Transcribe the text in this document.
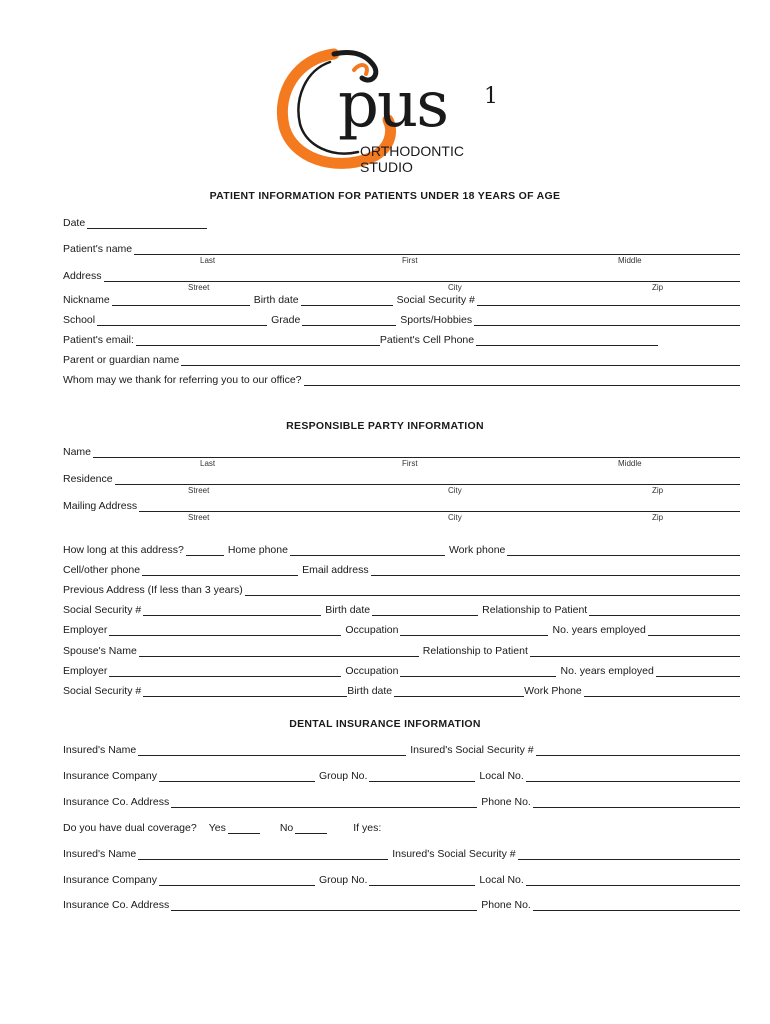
pus 1
ORTHODONTIC
STUDIO
PATIENT INFORMATION FOR PATIENTS UNDER 18 YEARS OF AGE
Date
Patient's name
Last	First	Middle
Address
Street	City	Zip
Nickname	Birth date	Social Security #
School	Grade	Sports/Hobbies
Patient's email:	Patient's Cell Phone
Parent or guardian name
Whom may we thank for referring you to our office?
RESPONSIBLE PARTY INFORMATION
Name
Last	First	Middle
Residence
Street	City	Zip
Mailing Address
Street	City	Zip
How long at this address?	Home phone	Work phone
Cell/other phone	Email address
Previous Address (If less than 3 years)
Social Security #	Birth date	Relationship to Patient
Employer	Occupation	No. years employed
Spouse's Name	Relationship to Patient
Employer	Occupation	No. years employed
Social Security #	Birth date	Work Phone
DENTAL INSURANCE INFORMATION
Insured's Name	Insured's Social Security #
Insurance Company	Group No.	Local No.
Insurance Co. Address	Phone No.
Do you have dual coverage?	Yes	No	If yes:
Insured's Name	Insured's Social Security #
Insurance Company	Group No.	Local No.
Insurance Co. Address	Phone No.
